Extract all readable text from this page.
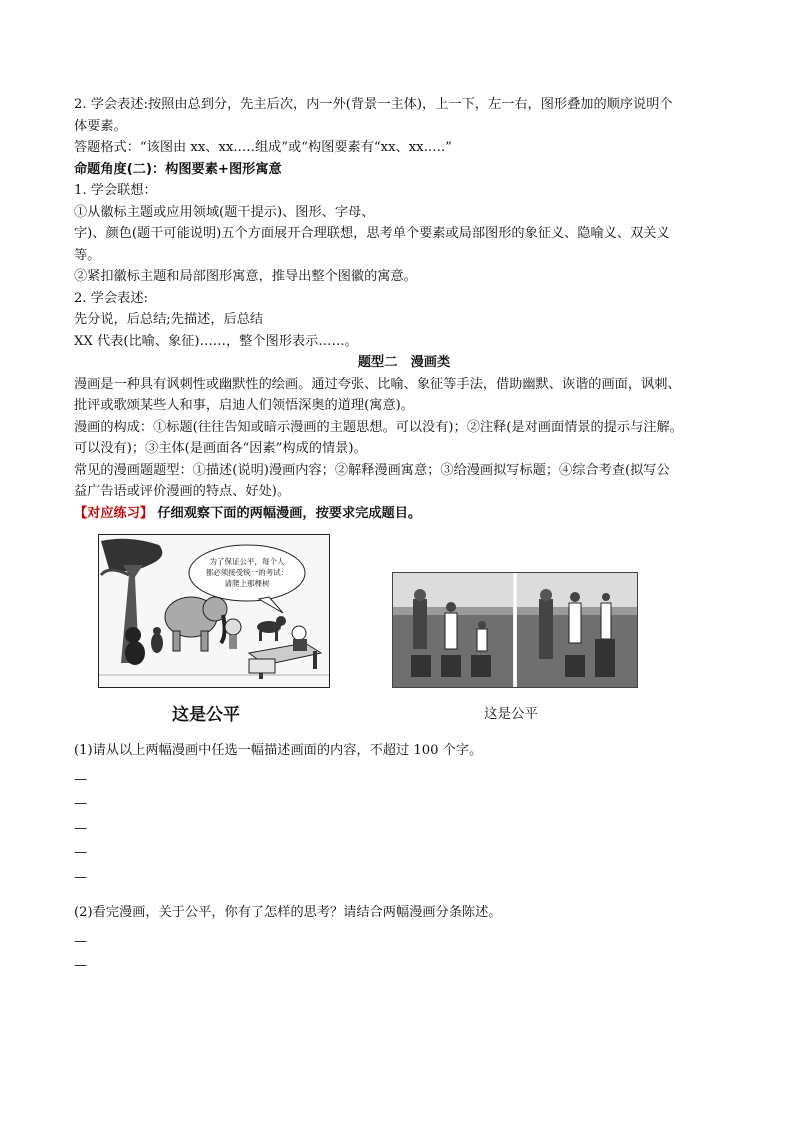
2. 学会表述:按照由总到分，先主后次，内一外(背景一主体)，上一下，左一右，图形叠加的顺序说明个
体要素。
答题格式：“该图由 xx、xx.….组成”或“构图要素有“xx、xx.….”
命题角度(二)：构图要素+图形寓意
1. 学会联想：
①从徽标主题或应用领域(题干提示)、图形、字母、
字)、颜色(题干可能说明)五个方面展开合理联想，思考单个要素或局部图形的象征义、隐喻义、双关义
等。
②紧扣徽标主题和局部图形寓意，推导出整个图徽的寓意。
2. 学会表述:
先分说，后总结;先描述，后总结
XX 代表(比喻、象征)……，整个图形表示……。
题型二　漫画类
漫画是一种具有讽刺性或幽默性的绘画。通过夸张、比喻、象征等手法，借助幽默、诙谐的画面，讽刺、
批评或歌颂某些人和事，启迪人们领悟深奥的道理(寓意)。
漫画的构成：①标题(往往告知或暗示漫画的主题思想。可以没有)；②注释(是对画面情景的提示与注解。
可以没有)；③主体(是画面各“因素”构成的情景)。
常见的漫画题题型：①描述(说明)漫画内容；②解释漫画寓意；③给漫画拟写标题；④综合考查(拟写公
益广告语或评价漫画的特点、好处)。
【对应练习】 仔细观察下面的两幅漫画，按要求完成题目。
为了保证公平，每个人
都必须接受统一的考试：
请爬上那棵树
这是公平	这是公平
(1)请从以上两幅漫画中任选一幅描述画面的内容，不超过 100 个字。
—
—
—
—
—
(2)看完漫画，关于公平，你有了怎样的思考？请结合两幅漫画分条陈述。
—
—
